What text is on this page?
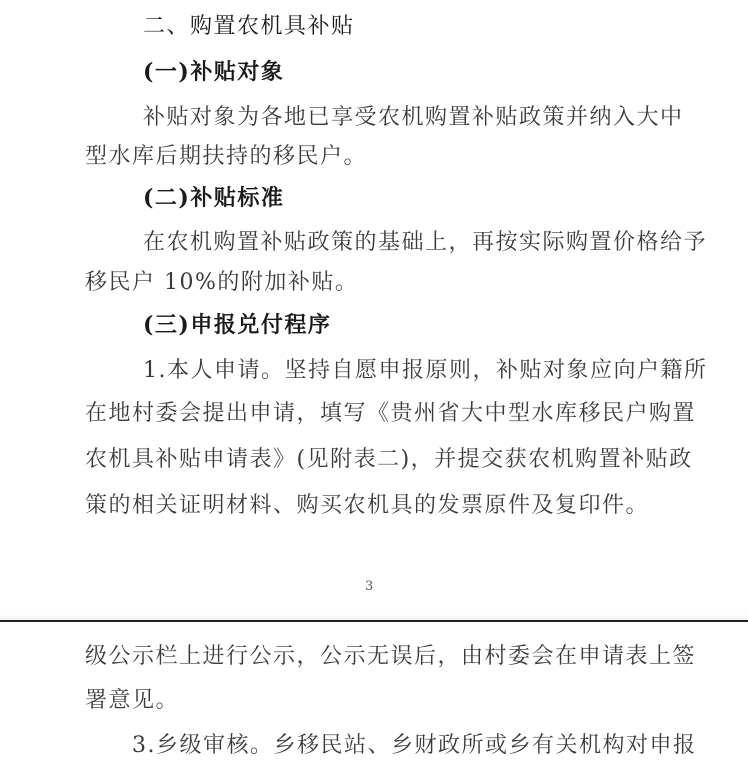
二、购置农机具补贴
(一)补贴对象
补贴对象为各地已享受农机购置补贴政策并纳入大中
型水库后期扶持的移民户。
(二)补贴标准
在农机购置补贴政策的基础上，再按实际购置价格给予
移民户 10%的附加补贴。
(三)申报兑付程序
1.本人申请。坚持自愿申报原则，补贴对象应向户籍所
在地村委会提出申请，填写《贵州省大中型水库移民户购置
农机具补贴申请表》(见附表二)，并提交获农机购置补贴政
策的相关证明材料、购买农机具的发票原件及复印件。
3
级公示栏上进行公示，公示无误后，由村委会在申请表上签
署意见。
3.乡级审核。乡移民站、乡财政所或乡有关机构对申报
